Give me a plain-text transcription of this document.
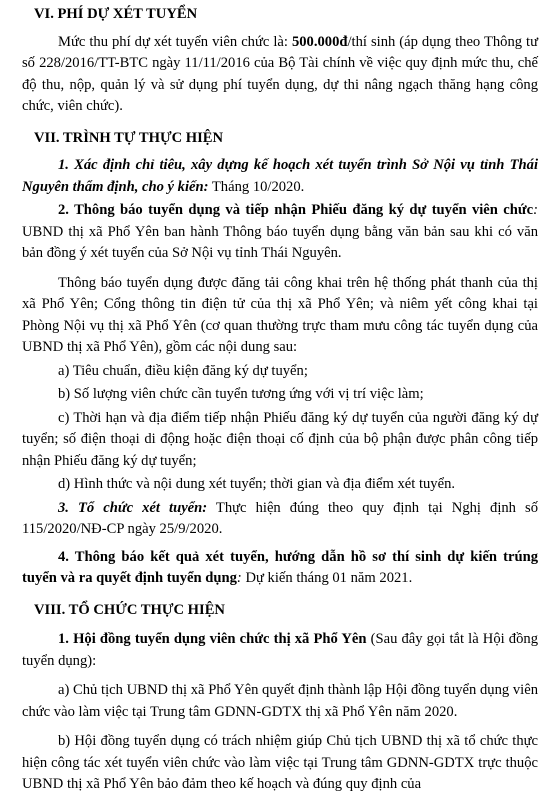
VI. PHÍ DỰ XÉT TUYỂN

Mức thu phí dự xét tuyển viên chức là: 500.000đ/thí sinh (áp dụng theo Thông tư số 228/2016/TT-BTC ngày 11/11/2016 của Bộ Tài chính về việc quy định mức thu, chế độ thu, nộp, quản lý và sử dụng phí tuyển dụng, dự thi nâng ngạch thăng hạng công chức, viên chức).

VII. TRÌNH TỰ THỰC HIỆN

1. Xác định chỉ tiêu, xây dựng kế hoạch xét tuyển trình Sở Nội vụ tỉnh Thái Nguyên thẩm định, cho ý kiến: Tháng 10/2020.

2. Thông báo tuyển dụng và tiếp nhận Phiếu đăng ký dự tuyển viên chức: UBND thị xã Phổ Yên ban hành Thông báo tuyển dụng bằng văn bản sau khi có văn bản đồng ý xét tuyển của Sở Nội vụ tỉnh Thái Nguyên.

Thông báo tuyển dụng được đăng tải công khai trên hệ thống phát thanh của thị xã Phổ Yên; Cổng thông tin điện tử của thị xã Phổ Yên; và niêm yết công khai tại Phòng Nội vụ thị xã Phổ Yên (cơ quan thường trực tham mưu công tác tuyển dụng của UBND thị xã Phổ Yên), gồm các nội dung sau:

a) Tiêu chuẩn, điều kiện đăng ký dự tuyển;

b) Số lượng viên chức cần tuyển tương ứng với vị trí việc làm;

c) Thời hạn và địa điểm tiếp nhận Phiếu đăng ký dự tuyển của người đăng ký dự tuyển; số điện thoại di động hoặc điện thoại cố định của bộ phận được phân công tiếp nhận Phiếu đăng ký dự tuyển;

d) Hình thức và nội dung xét tuyển; thời gian và địa điểm xét tuyển.

3. Tổ chức xét tuyển: Thực hiện đúng theo quy định tại Nghị định số 115/2020/NĐ-CP ngày 25/9/2020.

4. Thông báo kết quả xét tuyển, hướng dẫn hồ sơ thí sinh dự kiến trúng tuyển và ra quyết định tuyển dụng: Dự kiến tháng 01 năm 2021.

VIII. TỔ CHỨC THỰC HIỆN

1. Hội đồng tuyển dụng viên chức thị xã Phổ Yên (Sau đây gọi tắt là Hội đồng tuyển dụng):

a) Chủ tịch UBND thị xã Phổ Yên quyết định thành lập Hội đồng tuyển dụng viên chức vào làm việc tại Trung tâm GDNN-GDTX thị xã Phổ Yên năm 2020.

b) Hội đồng tuyển dụng có trách nhiệm giúp Chủ tịch UBND thị xã tổ chức thực hiện công tác xét tuyển viên chức vào làm việc tại Trung tâm GDNN-GDTX trực thuộc UBND thị xã Phổ Yên bảo đảm theo kế hoạch và đúng quy định của
